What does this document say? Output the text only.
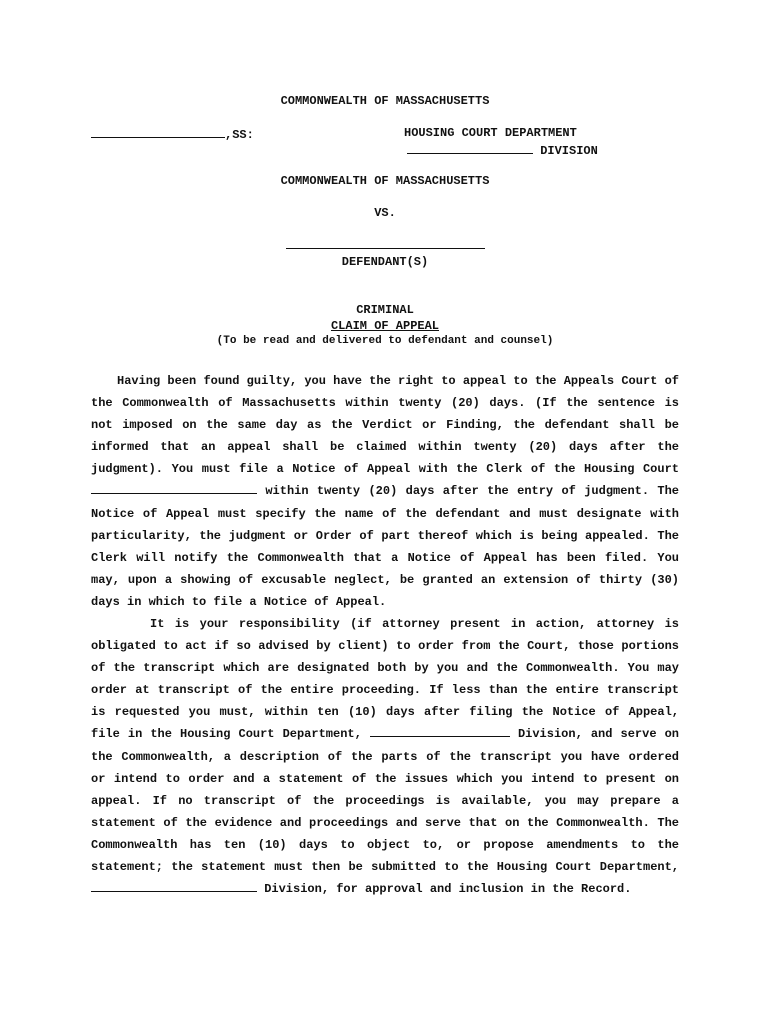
COMMONWEALTH OF MASSACHUSETTS
,SS:	HOUSING COURT DEPARTMENT
DIVISION
COMMONWEALTH OF MASSACHUSETTS
VS.
DEFENDANT(S)
CRIMINAL
CLAIM OF APPEAL
(To be read and delivered to defendant and counsel)
Having been found guilty, you have the right to appeal to the Appeals Court of the Commonwealth of Massachusetts within twenty (20) days. (If the sentence is not imposed on the same day as the Verdict or Finding, the defendant shall be informed that an appeal shall be claimed within twenty (20) days after the judgment). You must file a Notice of Appeal with the Clerk of the Housing Court  within twenty (20) days after the entry of judgment. The Notice of Appeal must specify the name of the defendant and must designate with particularity, the judgment or Order of part thereof which is being appealed. The Clerk will notify the Commonwealth that a Notice of Appeal has been filed. You may, upon a showing of excusable neglect, be granted an extension of thirty (30) days in which to file a Notice of Appeal.
It is your responsibility (if attorney present in action, attorney is obligated to act if so advised by client) to order from the Court, those portions of the transcript which are designated both by you and the Commonwealth. You may order at transcript of the entire proceeding. If less than the entire transcript is requested you must, within ten (10) days after filing the Notice of Appeal, file in the Housing Court Department,	Division, and serve on the Commonwealth, a description of the parts of the transcript you have ordered or intend to order and a statement of the issues which you intend to present on appeal. If no transcript of the proceedings is available, you may prepare a statement of the evidence and proceedings and serve that on the Commonwealth. The Commonwealth has ten (10) days to object to, or propose amendments to the statement; the statement must then be submitted to the Housing Court Department,  Division, for approval and inclusion in the Record.
